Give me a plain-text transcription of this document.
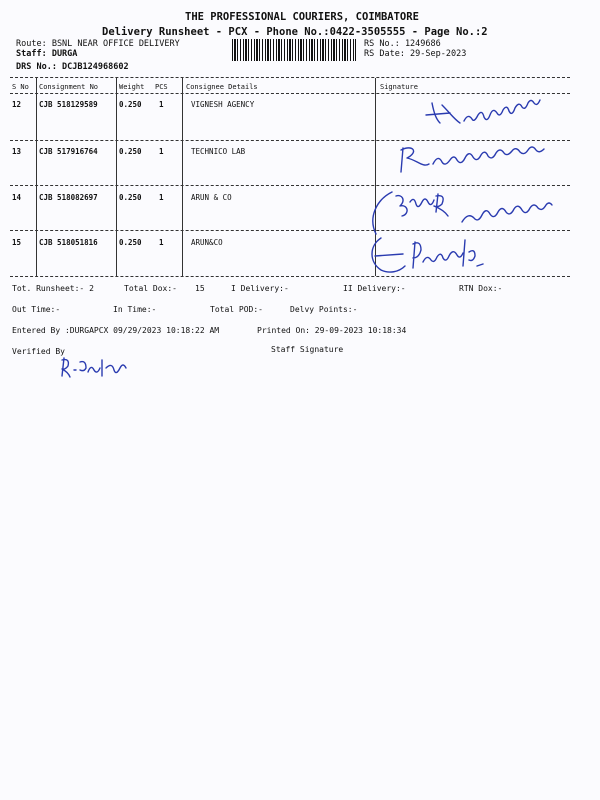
THE PROFESSIONAL COURIERS, COIMBATORE
Delivery Runsheet - PCX - Phone No.:0422-3505555 - Page No.:2
Route: BSNL NEAR OFFICE DELIVERY
Staff: DURGA
DRS No.: DCJB124968602
RS No.: 1249686
RS Date: 29-Sep-2023
S No Consignment No	Weight PCS	Consignee Details	Signature
12 CJB 518129589	0.250 1	VIGNESH AGENCY
13 CJB 517916764	0.250 1	TECHNICO LAB
14 CJB 518082697	0.250 1	ARUN & CO
15 CJB 518051816	0.250 1	ARUN&CO
Tot. Runsheet:- 2	Total Dox:- 15	I Delivery:-	II Delivery:-	RTN Dox:-
Out Time:-	In Time:-	Total POD:-	Delvy Points:-
Entered By :DURGAPCX 09/29/2023 10:18:22 AM	Printed On: 29-09-2023 10:18:34
Verified By	Staff Signature
